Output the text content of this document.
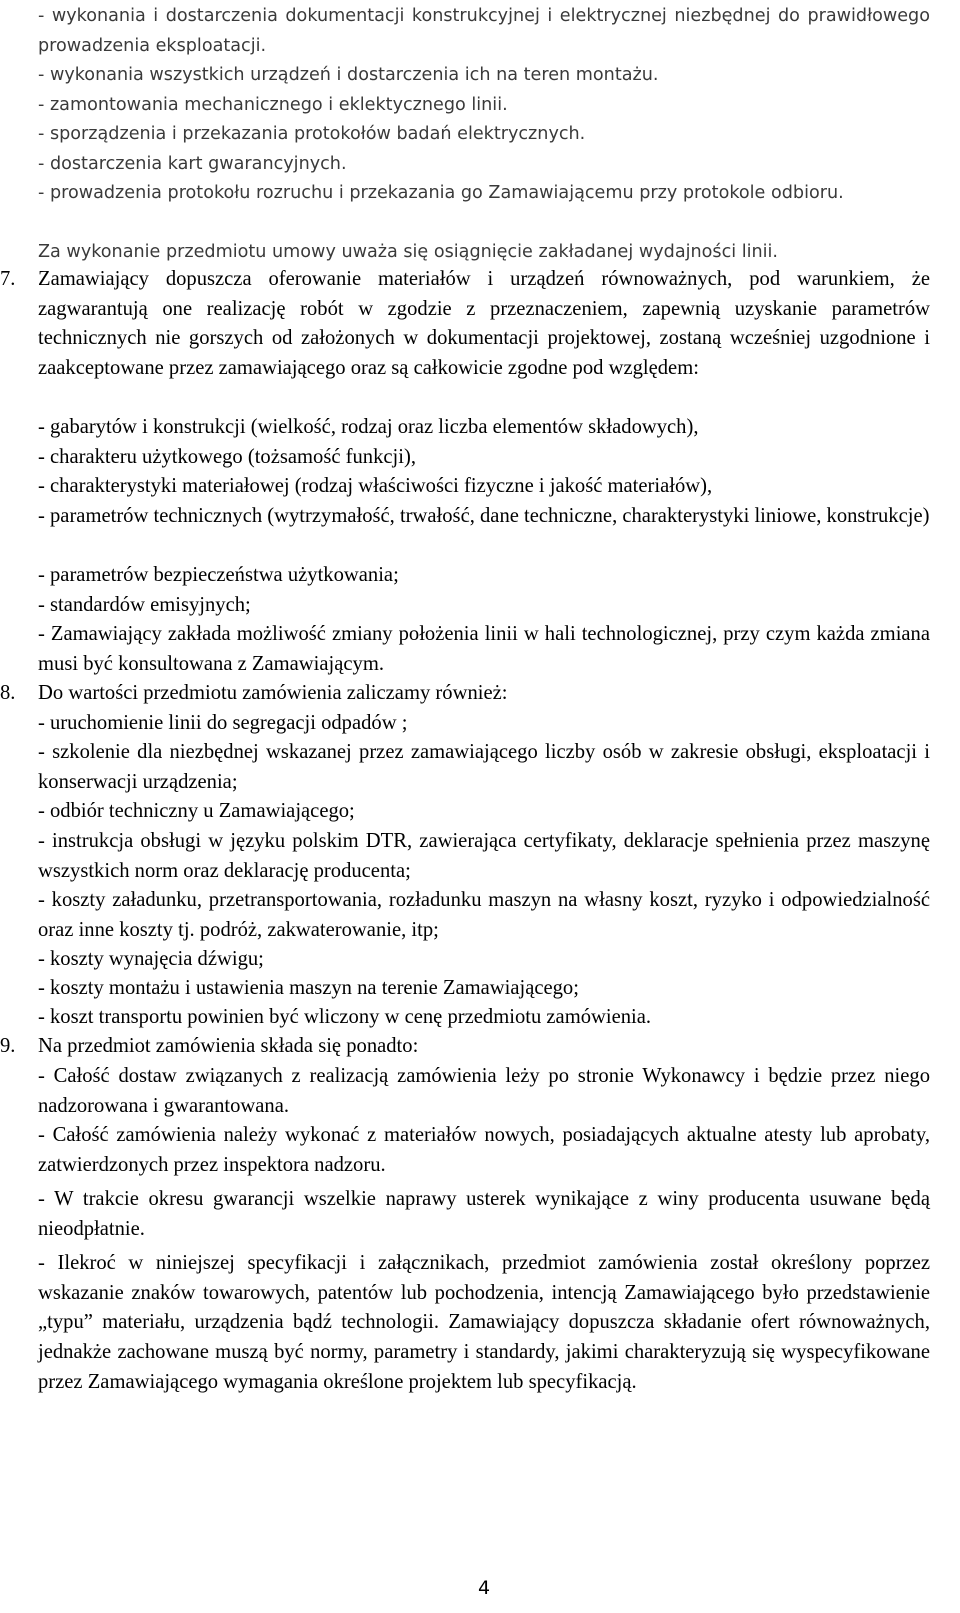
- wykonania i dostarczenia dokumentacji konstrukcyjnej i elektrycznej niezbędnej do prawidłowego prowadzenia eksploatacji.

- wykonania wszystkich urządzeń i dostarczenia ich na teren montażu.

- zamontowania mechanicznego i eklektycznego linii.

- sporządzenia i przekazania protokołów badań elektrycznych.

- dostarczenia kart gwarancyjnych.

- prowadzenia protokołu rozruchu i przekazania go Zamawiającemu przy protokole odbioru.

Za wykonanie przedmiotu umowy uważa się osiągnięcie zakładanej wydajności linii.

7.	Zamawiający dopuszcza oferowanie materiałów i urządzeń równoważnych, pod warunkiem, że zagwarantują one realizację robót w zgodzie z przeznaczeniem, zapewnią uzyskanie parametrów technicznych nie gorszych od założonych w dokumentacji projektowej, zostaną wcześniej uzgodnione i zaakceptowane przez zamawiającego oraz są całkowicie zgodne pod względem:

- gabarytów i konstrukcji (wielkość, rodzaj oraz liczba elementów składowych),

- charakteru użytkowego (tożsamość funkcji),

- charakterystyki materiałowej (rodzaj właściwości fizyczne i jakość materiałów),

- parametrów technicznych (wytrzymałość, trwałość, dane techniczne, charakterystyki liniowe, konstrukcje)

- parametrów bezpieczeństwa użytkowania;

- standardów emisyjnych;

- Zamawiający zakłada możliwość zmiany położenia linii w hali technologicznej, przy czym każda zmiana musi być konsultowana z Zamawiającym.

8.	Do wartości przedmiotu zamówienia zaliczamy również:

- uruchomienie linii do segregacji odpadów ;

- szkolenie dla niezbędnej wskazanej przez zamawiającego liczby osób w zakresie obsługi, eksploatacji i konserwacji urządzenia;

- odbiór techniczny u Zamawiającego;

- instrukcja obsługi w języku polskim DTR, zawierająca certyfikaty, deklaracje spełnienia przez maszynę wszystkich norm oraz deklarację producenta;

- koszty załadunku, przetransportowania, rozładunku maszyn na własny koszt, ryzyko i odpowiedzialność oraz inne koszty tj. podróż, zakwaterowanie, itp;

- koszty wynajęcia dźwigu;

- koszty montażu i ustawienia maszyn na terenie Zamawiającego;

- koszt transportu powinien być wliczony w cenę przedmiotu zamówienia.

9.	Na przedmiot zamówienia składa się ponadto:

- Całość dostaw związanych z realizacją zamówienia leży po stronie Wykonawcy i będzie przez niego nadzorowana i gwarantowana.

- Całość zamówienia należy wykonać z materiałów nowych, posiadających aktualne atesty lub aprobaty, zatwierdzonych przez inspektora nadzoru.

- W trakcie okresu gwarancji wszelkie naprawy usterek wynikające z winy producenta usuwane będą nieodpłatnie.

- Ilekroć w niniejszej specyfikacji i załącznikach, przedmiot zamówienia został określony poprzez wskazanie znaków towarowych, patentów lub pochodzenia, intencją Zamawiającego było przedstawienie „typu” materiału, urządzenia bądź technologii. Zamawiający dopuszcza składanie ofert równoważnych, jednakże zachowane muszą być normy, parametry i standardy, jakimi charakteryzują się wyspecyfikowane przez Zamawiającego wymagania określone projektem lub specyfikacją.

4
